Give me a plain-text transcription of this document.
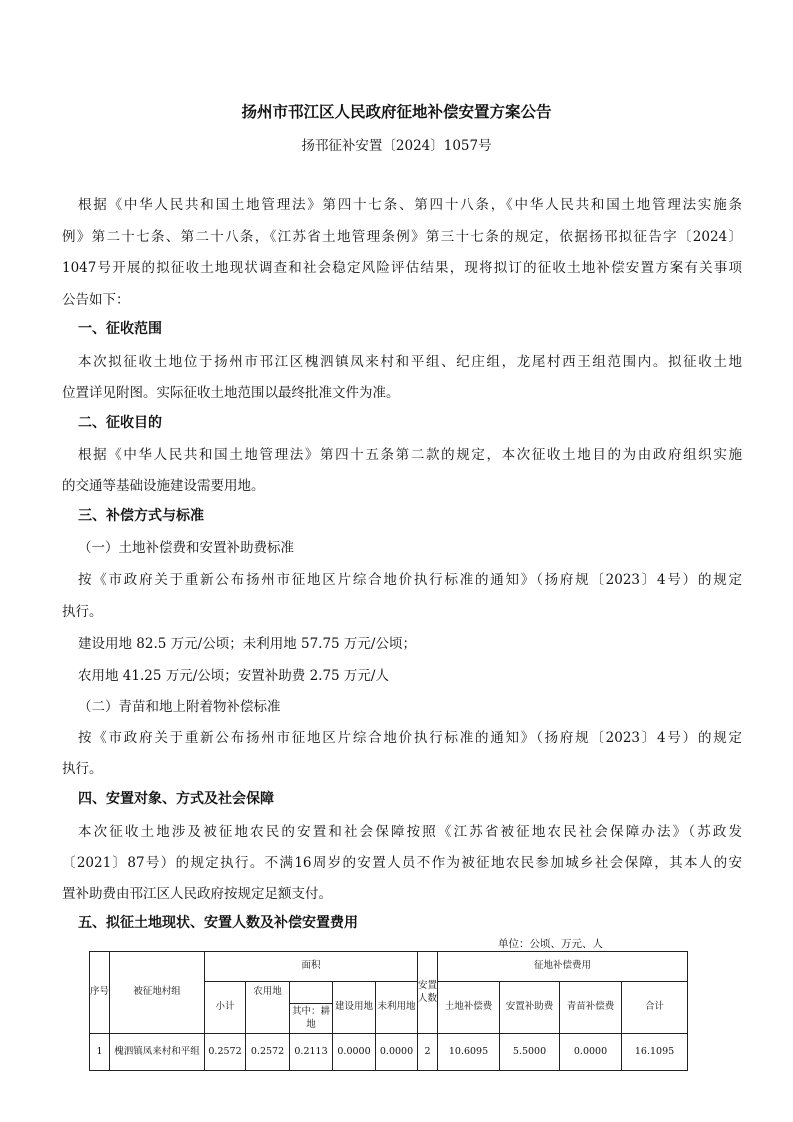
扬州市邗江区人民政府征地补偿安置方案公告
扬邗征补安置〔2024〕1057号
根据《中华人民共和国土地管理法》第四十七条、第四十八条，《中华人民共和国土地管理法实施条
例》第二十七条、第二十八条，《江苏省土地管理条例》第三十七条的规定，依据扬邗拟征告字〔2024〕
1047号开展的拟征收土地现状调查和社会稳定风险评估结果，现将拟订的征收土地补偿安置方案有关事项
公告如下：
一、征收范围
本次拟征收土地位于扬州市邗江区槐泗镇凤来村和平组、纪庄组，龙尾村西王组范围内。拟征收土地
位置详见附图。实际征收土地范围以最终批准文件为准。
二、征收目的
根据《中华人民共和国土地管理法》第四十五条第二款的规定，本次征收土地目的为由政府组织实施
的交通等基础设施建设需要用地。
三、补偿方式与标准
（一）土地补偿费和安置补助费标准
按《市政府关于重新公布扬州市征地区片综合地价执行标准的通知》（扬府规〔2023〕4号）的规定
执行。
建设用地 82.5 万元/公顷；未利用地 57.75 万元/公顷；
农用地 41.25 万元/公顷；安置补助费 2.75 万元/人
（二）青苗和地上附着物补偿标准
按《市政府关于重新公布扬州市征地区片综合地价执行标准的通知》（扬府规〔2023〕4号）的规定
执行。
四、安置对象、方式及社会保障
本次征收土地涉及被征地农民的安置和社会保障按照《江苏省被征地农民社会保障办法》（苏政发
〔2021〕87号）的规定执行。不满16周岁的安置人员不作为被征地农民参加城乡社会保障，其本人的安
置补助费由邗江区人民政府按规定足额支付。
五、拟征土地现状、安置人数及补偿安置费用
单位：公顷、万元、人
序号	被征地村组	面积					安置人数	征地补偿费用			
		小计	农用地		建设用地	未利用地		土地补偿费	安置补助费	青苗补偿费	合计
				其中：耕地							
1	槐泗镇凤来村和平组	0.2572	0.2572	0.2113	0.0000	0.0000	2	10.6095	5.5000	0.0000	16.1095
